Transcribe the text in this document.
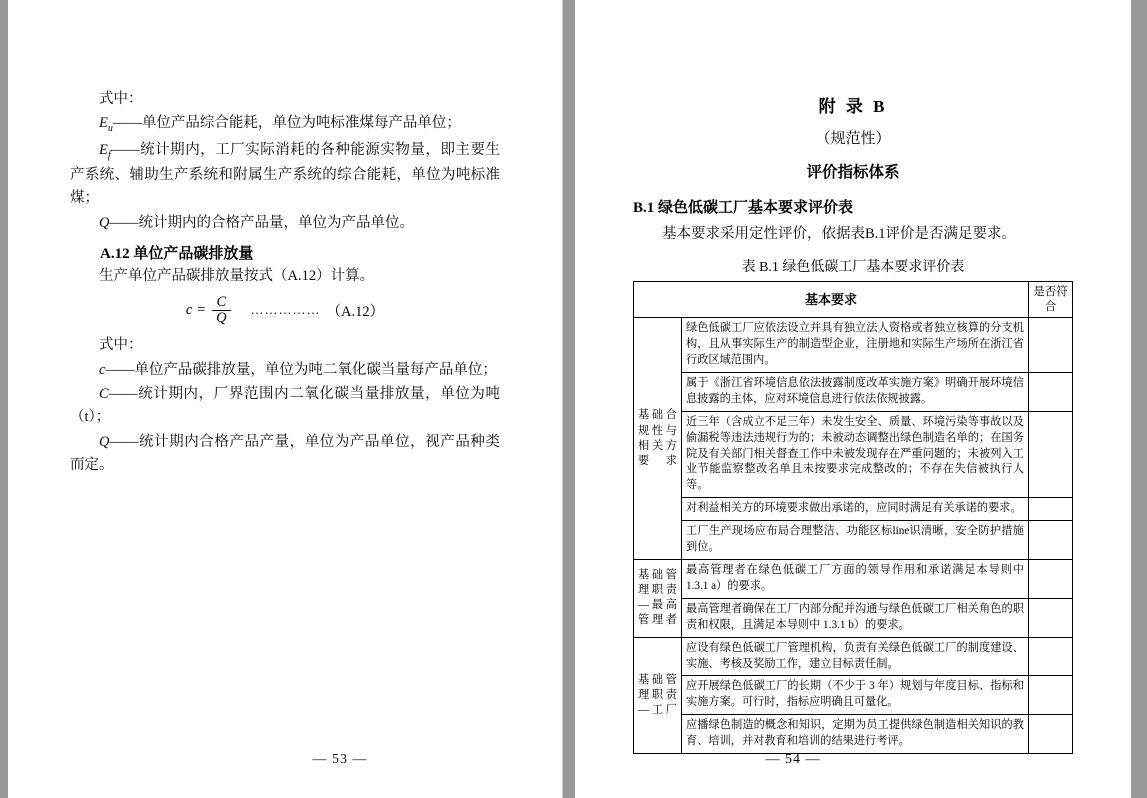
式中：

$E_u——$单位产品综合能耗，单位为吨标准煤每产品单位；

$E_f——$统计期内，工厂实际消耗的各种能源实物量，即主要生产系统、辅助生产系统和附属生产系统的综合能耗，单位为吨标准煤；

Q——统计期内的合格产品量，单位为产品单位。

A.12 单位产品碳排放量

生产单位产品碳排放量按式（A.12）计算。

$c = \frac{C}{Q}$ …………… （A.12）

式中：

c——单位产品碳排放量，单位为吨二氧化碳当量每产品单位；

C——统计期内，厂界范围内二氧化碳当量排放量，单位为吨（t）；

Q——统计期内合格产品产量，单位为产品单位，视产品种类而定。

— 53 —
附 录 B
（规范性）
评价指标体系
B.1 绿色低碳工厂基本要求评价表

基本要求采用定性评价，依据表B.1评价是否满足要求。

表 B.1 绿色低碳工厂基本要求评价表
基本要求		是否符合
基础合规性与相关方要求	绿色低碳工厂应依法设立并具有独立法人资格或者独立核算的分支机构，且从事实际生产的制造型企业，注册地和实际生产场所在浙江省行政区域范围内。	
	属于《浙江省环境信息依法披露制度改革实施方案》明确开展环境信息披露的主体，应对环境信息进行依法依规披露。	
	近三年（含成立不足三年）未发生安全、质量、环境污染等事故以及偷漏税等违法违规行为的；未被动态调整出绿色制造名单的；在国务院及有关部门相关督查工作中未被发现存在严重问题的；未被列入工业节能监察整改名单且未按要求完成整改的；不存在失信被执行人等。	
	对利益相关方的环境要求做出承诺的，应同时满足有关承诺的要求。	
	工厂生产现场应布局合理整洁、功能区标line识清晰，安全防护措施到位。	
基础管理职责—最高管理者	最高管理者在绿色低碳工厂方面的领导作用和承诺满足本导则中 1.3.1 a）的要求。	
	最高管理者确保在工厂内部分配并沟通与绿色低碳工厂相关角色的职责和权限，且满足本导则中 1.3.1 b）的要求。	
基础管理职责—工厂	应设有绿色低碳工厂管理机构，负责有关绿色低碳工厂的制度建设、实施、考核及奖励工作，建立目标责任制。	
	应开展绿色低碳工厂的长期（不少于 3 年）规划与年度目标、指标和实施方案。可行时，指标应明确且可量化。	
	应播绿色制造的概念和知识，定期为员工提供绿色制造相关知识的教育、培训，并对教育和培训的结果进行考评。	
— 54 —
